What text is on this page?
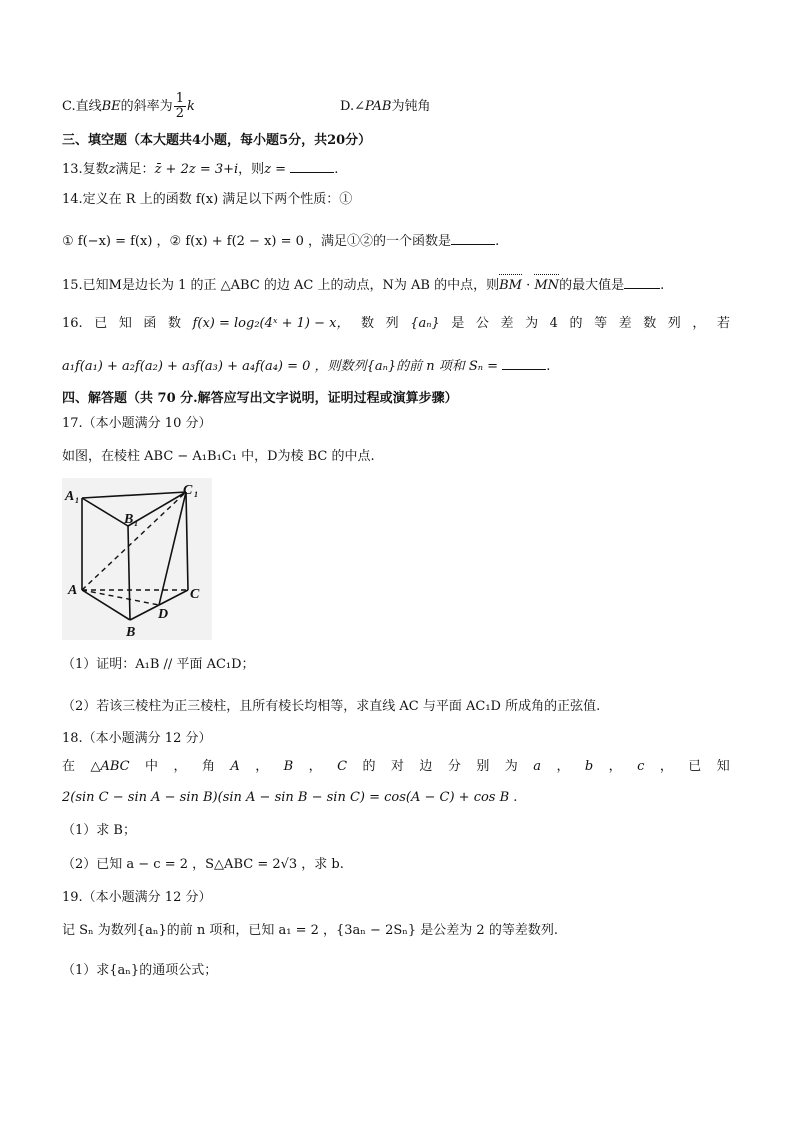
C.直线BE的斜率为 $\frac{1}{2}$ k	D.∠PAB为钝角
三、填空题（本大题共4小题，每小题5分，共20分）
13.复数z满足：z̄ + 2z = 3+i，则z =	.
14.定义在 R 上的函数 f(x) 满足以下两个性质：①
① f(−x) = f(x) ，② f(x) + f(2 − x) = 0 ，满足①②的一个函数是	.
15.已知M是边长为 1 的正 △ABC 的边 AC 上的动点，N为 AB 的中点，则BM · MN的最大值是	.
16. 已 知 函 数 f(x) = log₂(4ˣ + 1) − x， 数 列 {aₙ} 是 公 差 为 4 的 等 差 数 列 ， 若
a₁f(a₁) + a₂f(a₂) + a₃f(a₃) + a₄f(a₄) = 0 ，则数列{aₙ}的前 n 项和 Sₙ =	.
四、解答题（共 70 分.解答应写出文字说明，证明过程或演算步骤）
17.（本小题满分 10 分）
如图，在棱柱 ABC − A₁B₁C₁ 中，D为棱 BC 的中点.
A 1
B 1
C 1
A
B
C
D
（1）证明：A₁B // 平面 AC₁D；
（2）若该三棱柱为正三棱柱，且所有棱长均相等，求直线 AC 与平面 AC₁D 所成角的正弦值.
18.（本小题满分 12 分）
在 △ABC 中 ， 角 A ， B ， C 的 对 边 分 别 为 a ， b ， c ， 已 知
2(sin C − sin A − sin B)(sin A − sin B − sin C) = cos(A − C) + cos B .
（1）求 B；
（2）已知 a − c = 2 ，S△ABC = 2√3 ，求 b.
19.（本小题满分 12 分）
记 Sₙ 为数列{aₙ}的前 n 项和，已知 a₁ = 2 ，{3aₙ − 2Sₙ} 是公差为 2 的等差数列.
（1）求{aₙ}的通项公式；
